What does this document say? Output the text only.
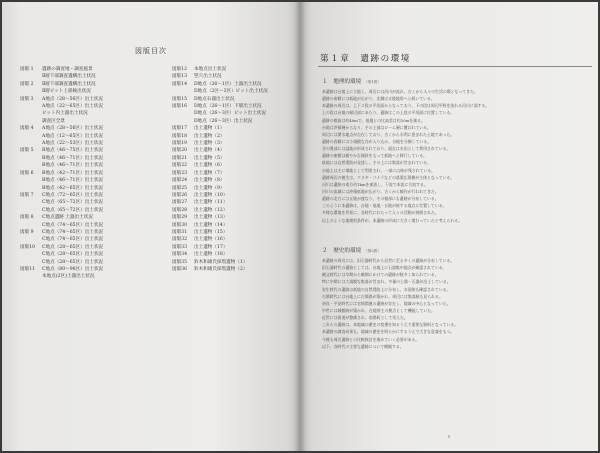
図版目次
図版 1	遺跡の調査地・調査風景
Ⅱ層下部調査遺構出土状況
図版 2	Ⅱ層下部調査遺構出土状況
Ⅱ層ピット上部検出状況
図版 3	A地点（28〜56区）出土状況
A地点（22〜65区）出土状況
ピット内土器出土状況
調査区全景
図版 4	A地点（28〜56区）出土状況
A地点（12〜65区）出土状況
A地点（22〜53区）出土状況
図版 5	B地点（46〜75区）出土状況
B地点（46〜71区）出土状況
B地点（46〜71区）出土状況
図版 6	B地点（42〜71区）出土状況
B地点（46〜71区）出土状況
B地点（42〜65区）出土状況
図版 7	C地点（72〜65区）出土状況
C地点（65〜72区）出土状況
C地点（65〜72区）出土状況
図版 8	C地点遺跡 土器出土状況
C地点（74〜65区）出土状況
図版 9	C地点（74〜65区）出土状況
C地点（74〜65区）出土状況
図版10	C地点（28〜65区）出土状況
C地点（28〜65区）出土状況
C地点（28〜65区）出土状況
図版11	C地点（80〜98区）出土状況
本地点(2区)土器出土状況
図版12	本地点出土状況
図版13	竪穴出土状況
図版14	D地点（26〜1区）土器出土状況
D地点（2区〜3区）ピット出土状況
図版15	D地点石器出土状況
図版16	D地点（26〜1区）下層出土状況
D地点（26〜3区）ピット出土状況
D地点（26〜3区）出土状況
図版17	出土遺物（1）
図版18	出土遺物（2）
図版19	出土遺物（3）
図版20	出土遺物（4）
図版21	出土遺物（5）
図版22	出土遺物（6）
図版23	出土遺物（7）
図版24	出土遺物（8）
図版25	出土遺物（9）
図版26	出土遺物（10）
図版27	出土遺物（11）
図版28	出土遺物（12）
図版29	出土遺物（13）
図版30	出土遺物（14）
図版31	出土遺物（15）
図版32	出土遺物（16）
図版33	出土遺物（17）
図版34	出土遺物（18）
図版35	鈴木和雄氏採集遺物（1）
図版36	鈴木和雄氏採集遺物（2）
第１章　遺跡の環境
１　地理的環境 （第1図）
本遺跡は台地上に立地し、周辺には河川が流れ、古くから人々の生活の場となってきた。
遺跡の南側には低地が広がり、北側は丘陵地帯へと続いている。
本遺跡の周辺は、上下２段の平坦面からなっており、下の段は周辺平野を流れる河川に面する。
上の段は台地の縁辺部にあたり、遺跡はこの上段の平坦面に位置している。
遺跡の標高は約40mで、低地との比高差は約20mを測る。
台地は洪積層からなり、その上部はローム層に覆われている。
周辺には湧水地点が点在しており、古くから水利に恵まれた土地であった。
遺跡の西側には小規模な谷が入り込み、台地を分断している。
谷の奥部には湿地が形成されており、現在は水田として利用されている。
遺跡の東側は緩やかな傾斜をもって低地へと移行している。
低地には自然堤防が発達し、その上には集落が営まれている。
台地上は主に畑地として利用され、一部に山林が残されている。
遺跡周辺の植生は、クヌギ・コナラなどの落葉広葉樹が主体となっている。
河川は遺跡の南方約1kmを東流し、下流で本流に合流する。
河川の流域には沖積低地が広がり、古くから稲作が行われてきた。
遺跡の北方には丘陵が連なり、その裾部にも遺跡が分布している。
このように本遺跡は、台地・低地・丘陵が接する地点に位置している。
多様な環境を背景に、各時代にわたって人々の活動が展開された。
以上のような地理的条件が、本遺跡の形成に大きく関わっていたと考えられる。
２　歴史的環境 （第2図）
本遺跡の周辺には、旧石器時代から近世に至る多くの遺跡が分布している。
旧石器時代の遺跡としては、台地上に石器集中地点が確認されている。
縄文時代には早期から晩期にかけての遺跡が数多く知られている。
特に中期には大規模な集落が営まれ、多量の土器・石器が出土している。
弥生時代の遺跡は低地の自然堤防上に分布し、水田跡も確認されている。
古墳時代には台地上に古墳群が築かれ、周辺には集落跡も見られる。
奈良・平安時代には官衙関連の遺跡が存在し、地域の中心となっていた。
中世には城館跡が築かれ、在地領主の拠点として機能していた。
近世には街道が整備され、宿場町として栄えた。
これらの遺跡は、本地域の歴史の変遷を知るうえで重要な資料となっている。
本遺跡の調査成果も、地域の歴史を明らかにするうえで大きな意義をもつ。
今後も周辺遺跡との比較検討を進めていく必要がある。
以下、各時代の主要な遺跡について概観する。
1
